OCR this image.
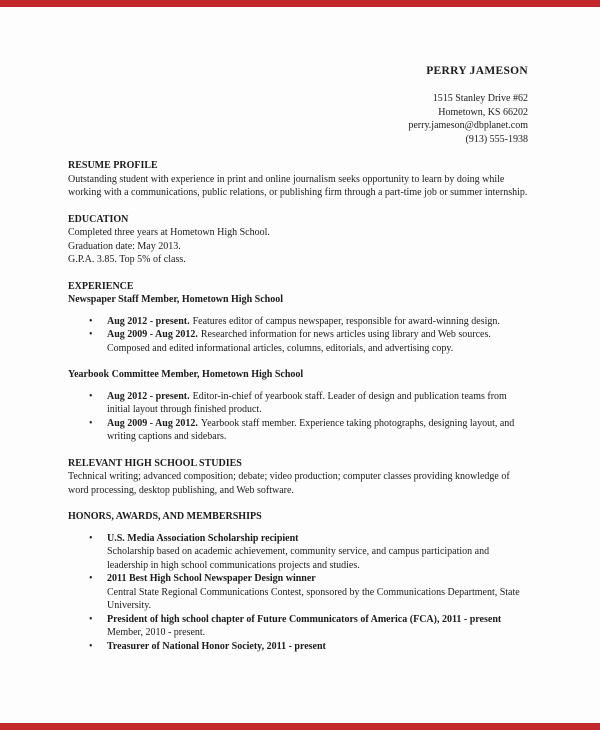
PERRY JAMESON

1515 Stanley Drive #62

Hometown, KS 66202

perry.jameson@dbplanet.com

(913) 555-1938

RESUME PROFILE

Outstanding student with experience in print and online journalism seeks opportunity to learn by doing while working with a communications, public relations, or publishing firm through a part-time job or summer internship.

EDUCATION

Completed three years at Hometown High School.

Graduation date: May 2013.

G.P.A. 3.85. Top 5% of class.

EXPERIENCE

Newspaper Staff Member, Hometown High School

• Aug 2012 - present. Features editor of campus newspaper, responsible for award-winning design.
• Aug 2009 - Aug 2012. Researched information for news articles using library and Web sources. Composed and edited informational articles, columns, editorials, and advertising copy.

Yearbook Committee Member, Hometown High School

• Aug 2012 - present. Editor-in-chief of yearbook staff. Leader of design and publication teams from initial layout through finished product.
• Aug 2009 - Aug 2012. Yearbook staff member. Experience taking photographs, designing layout, and writing captions and sidebars.
RELEVANT HIGH SCHOOL STUDIES

Technical writing; advanced composition; debate; video production; computer classes providing knowledge of word processing, desktop publishing, and Web software.

HONORS, AWARDS, AND MEMBERSHIPS
• U.S. Media Association Scholarship recipient
Scholarship based on academic achievement, community service, and campus participation and leadership in high school communications projects and studies.
• 2011 Best High School Newspaper Design winner
Central State Regional Communications Contest, sponsored by the Communications Department, State University.
• President of high school chapter of Future Communicators of America (FCA), 2011 - present
Member, 2010 - present.
• Treasurer of National Honor Society, 2011 - present
